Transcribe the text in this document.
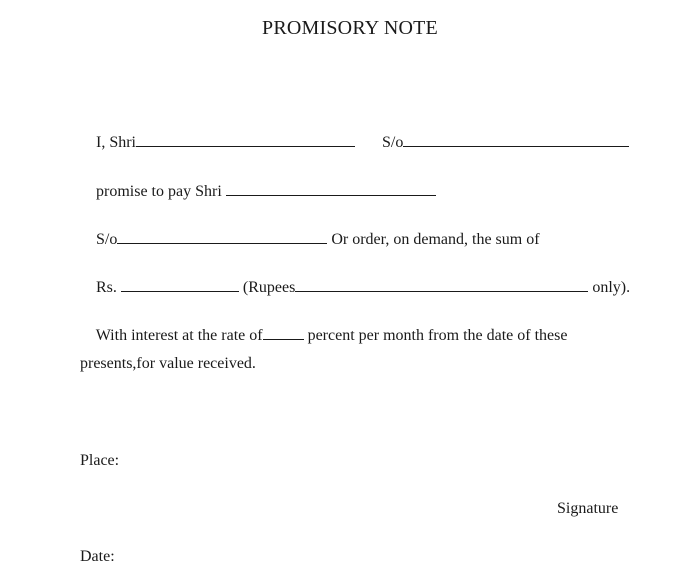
PROMISORY NOTE

I, Shri
	S/o

promise to pay Shri

S/o	Or order, on demand, the sum of

Rs.	(Rupees	only).

With interest at the rate of	percent per month from the date of these

presents,for value received.
Place:
Signature
Date:
